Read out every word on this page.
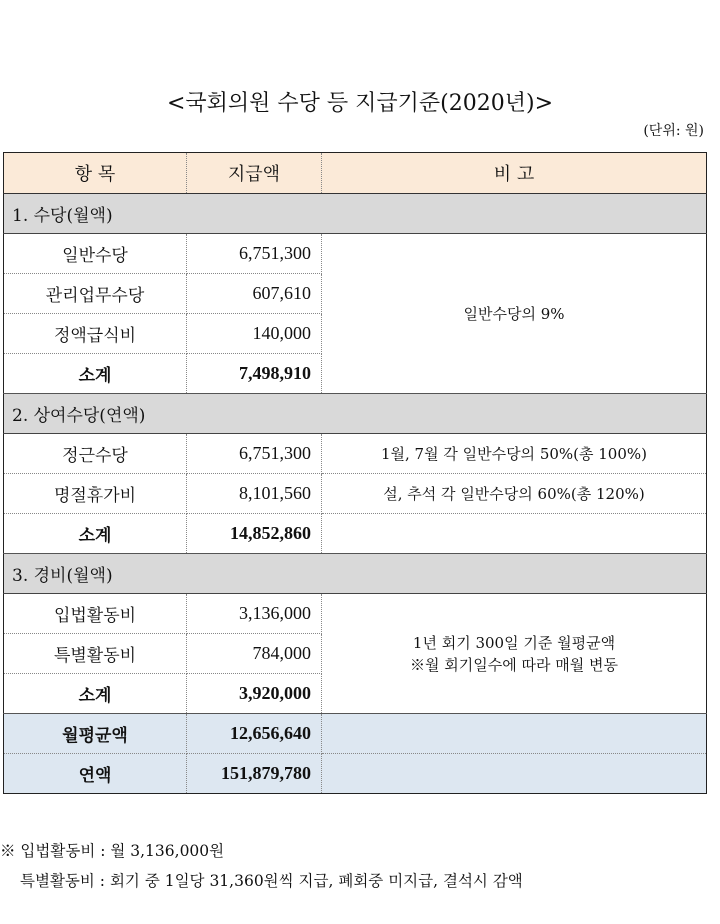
<국회의원 수당 등 지급기준(2020년)>
(단위: 원)
항 목	지급액	비 고
1. 수당(월액)		
일반수당	6,751,300	일반수당의 9%
관리업무수당	607,610	
정액급식비	140,000	
소계	7,498,910	
2. 상여수당(연액)		
정근수당	6,751,300	1월, 7월 각 일반수당의 50%(총 100%)
명절휴가비	8,101,560	설, 추석 각 일반수당의 60%(총 120%)
소계	14,852,860	
3. 경비(월액)		
입법활동비	3,136,000	1년 회기 300일 기준 월평균액
※월 회기일수에 따라 매월 변동

특별활동비	784,000	
소계	3,920,000	
월평균액	12,656,640	
연액	151,879,780	
※ 입법활동비 : 월 3,136,000원
특별활동비 : 회기 중 1일당 31,360원씩 지급, 폐회중 미지급, 결석시 감액
